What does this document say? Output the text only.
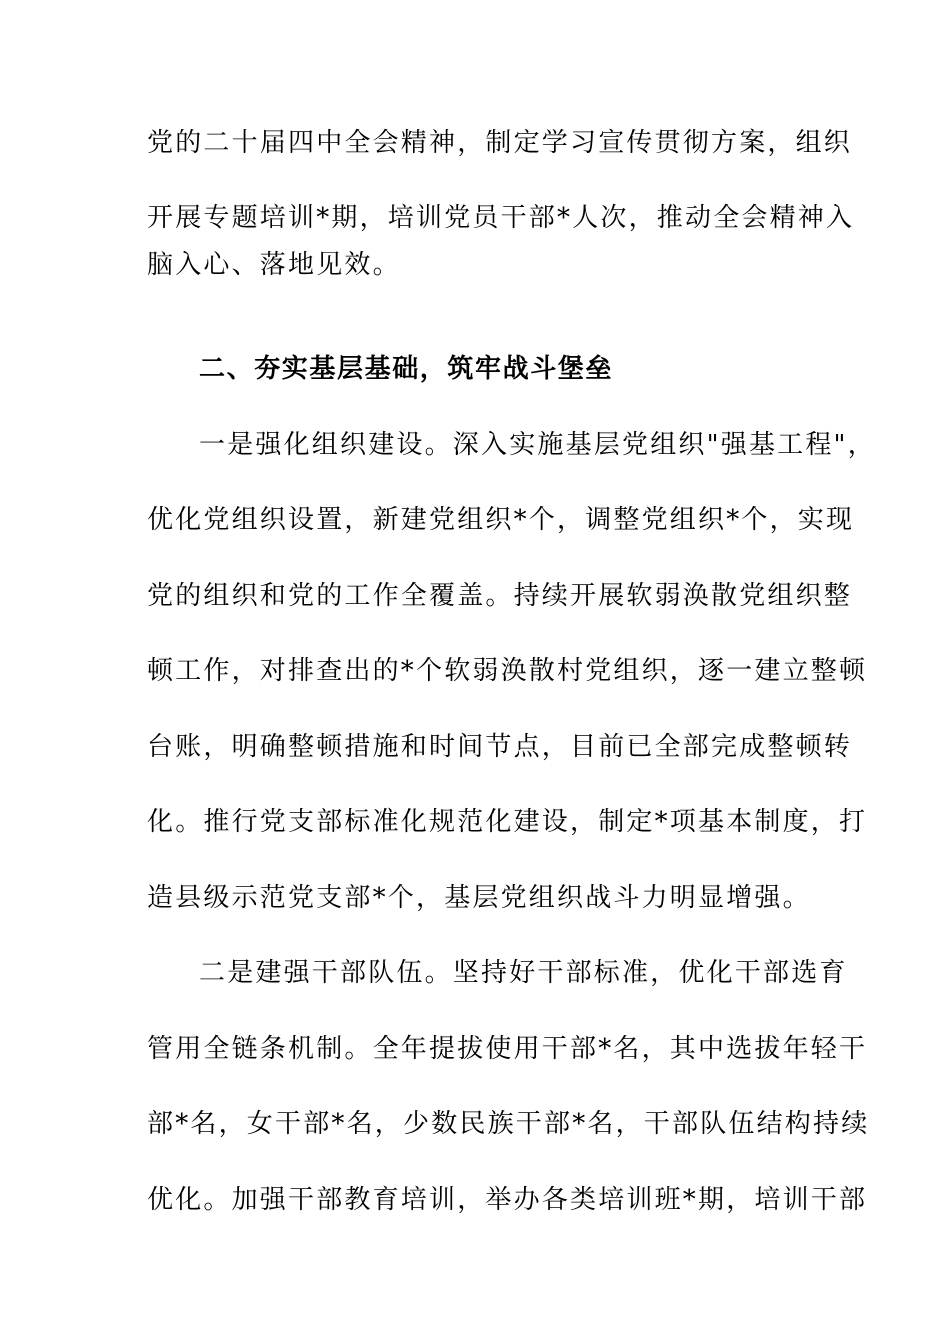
党的二十届四中全会精神，制定学习宣传贯彻方案，组织
开展专题培训*期，培训党员干部*人次，推动全会精神入
脑入心、落地见效。
二、夯实基层基础，筑牢战斗堡垒
一是强化组织建设。深入实施基层党组织"强基工程"，
优化党组织设置，新建党组织*个，调整党组织*个，实现
党的组织和党的工作全覆盖。持续开展软弱涣散党组织整
顿工作，对排查出的*个软弱涣散村党组织，逐一建立整顿
台账，明确整顿措施和时间节点，目前已全部完成整顿转
化。推行党支部标准化规范化建设，制定*项基本制度，打
造县级示范党支部*个，基层党组织战斗力明显增强。
二是建强干部队伍。坚持好干部标准，优化干部选育
管用全链条机制。全年提拔使用干部*名，其中选拔年轻干
部*名，女干部*名，少数民族干部*名，干部队伍结构持续
优化。加强干部教育培训，举办各类培训班*期，培训干部
